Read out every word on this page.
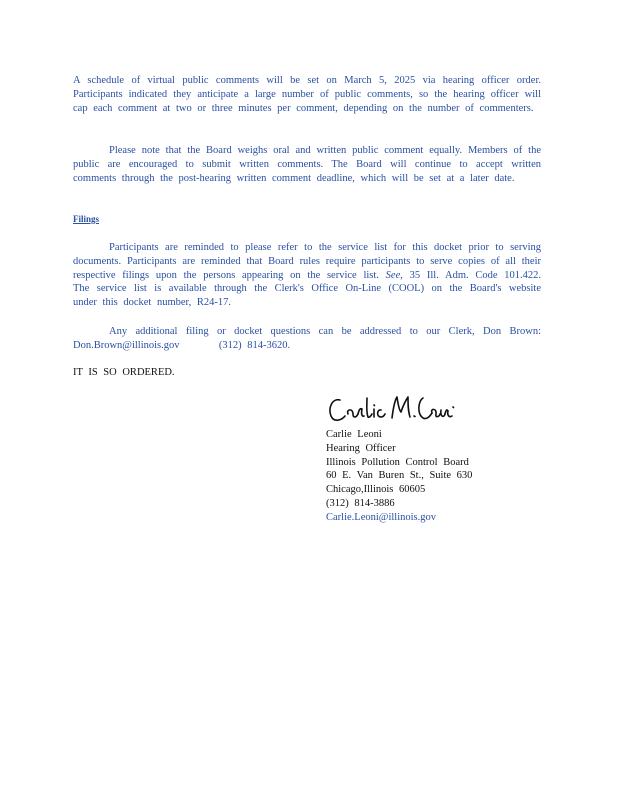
A schedule of virtual public comments will be set on March 5, 2025 via hearing officer order. Participants indicated they anticipate a large number of public comments, so the hearing officer will cap each comment at two or three minutes per comment, depending on the number of commenters.

Please note that the Board weighs oral and written public comment equally. Members of the public are encouraged to submit written comments. The Board will continue to accept written comments through the post-hearing written comment deadline, which will be set at a later date.

Filings

Participants are reminded to please refer to the service list for this docket prior to serving documents. Participants are reminded that Board rules require participants to serve copies of all their respective filings upon the persons appearing on the service list. See, 35 Ill. Adm. Code 101.422. The service list is available through the Clerk's Office On-Line (COOL) on the Board's website under this docket number, R24-17.

Any additional filing or docket questions can be addressed to our Clerk, Don Brown: Don.Brown@illinois.gov	(312) 814-3620.

IT IS SO ORDERED.
Carlie Leoni
Hearing Officer
Illinois Pollution Control Board
60 E. Van Buren St., Suite 630
Chicago,Illinois 60605
(312) 814-3886
Carlie.Leoni@illinois.gov
